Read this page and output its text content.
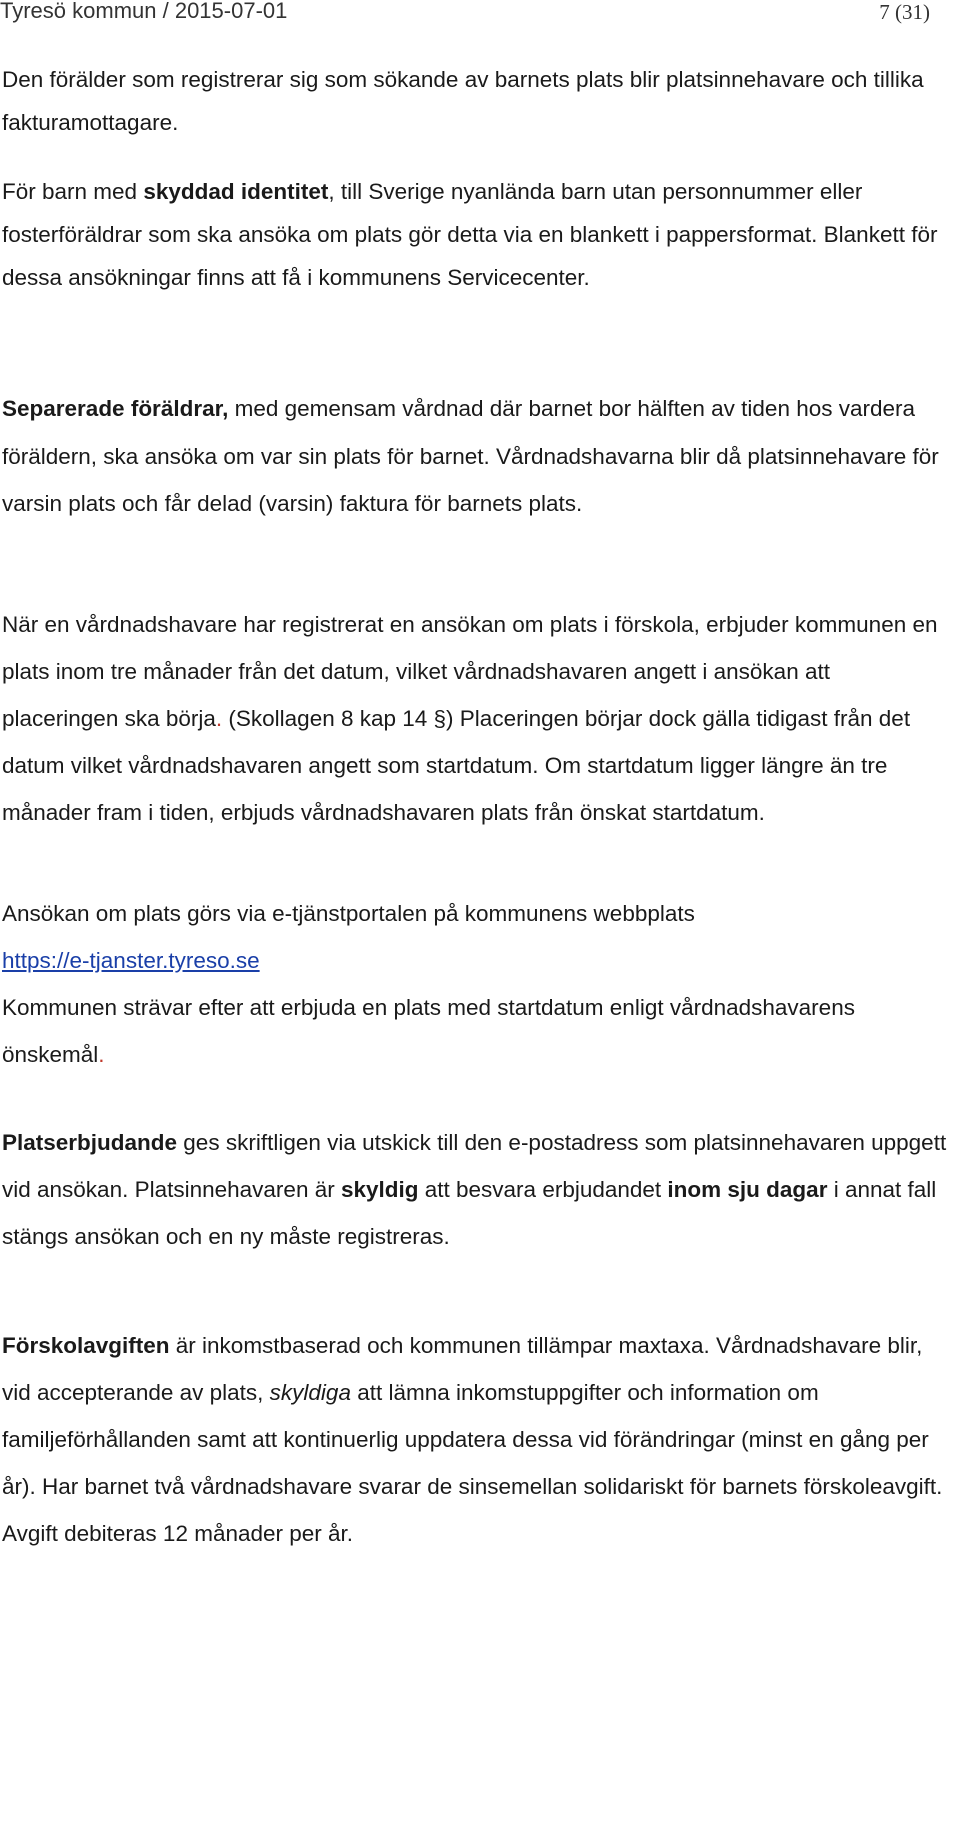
Tyresö kommun / 2015-07-01	7 (31)
Den förälder som registrerar sig som sökande av barnets plats blir platsinnehavare och tillika fakturamottagare.
För barn med skyddad identitet, till Sverige nyanlända barn utan personnummer eller fosterföräldrar som ska ansöka om plats gör detta via en blankett i pappersformat. Blankett för dessa ansökningar finns att få i kommunens Servicecenter.
Separerade föräldrar, med gemensam vårdnad där barnet bor hälften av tiden hos vardera föräldern, ska ansöka om var sin plats för barnet. Vårdnadshavarna blir då platsinnehavare för varsin plats och får delad (varsin) faktura för barnets plats.
När en vårdnadshavare har registrerat en ansökan om plats i förskola, erbjuder kommunen en plats inom tre månader från det datum, vilket vårdnadshavaren angett i ansökan att placeringen ska börja. (Skollagen 8 kap 14 §) Placeringen börjar dock gälla tidigast från det datum vilket vårdnadshavaren angett som startdatum. Om startdatum ligger längre än tre månader fram i tiden, erbjuds vårdnadshavaren plats från önskat startdatum.
Ansökan om plats görs via e-tjänstportalen på kommunens webbplats
https://e-tjanster.tyreso.se
Kommunen strävar efter att erbjuda en plats med startdatum enligt vårdnadshavarens önskemål.
Platserbjudande ges skriftligen via utskick till den e-postadress som platsinnehavaren uppgett vid ansökan. Platsinnehavaren är skyldig att besvara erbjudandet inom sju dagar i annat fall stängs ansökan och en ny måste registreras.
Förskolavgiften är inkomstbaserad och kommunen tillämpar maxtaxa. Vårdnadshavare blir, vid accepterande av plats, skyldiga att lämna inkomstuppgifter och information om familjeförhållanden samt att kontinuerlig uppdatera dessa vid förändringar (minst en gång per år). Har barnet två vårdnadshavare svarar de sinsemellan solidariskt för barnets förskoleavgift. Avgift debiteras 12 månader per år.
